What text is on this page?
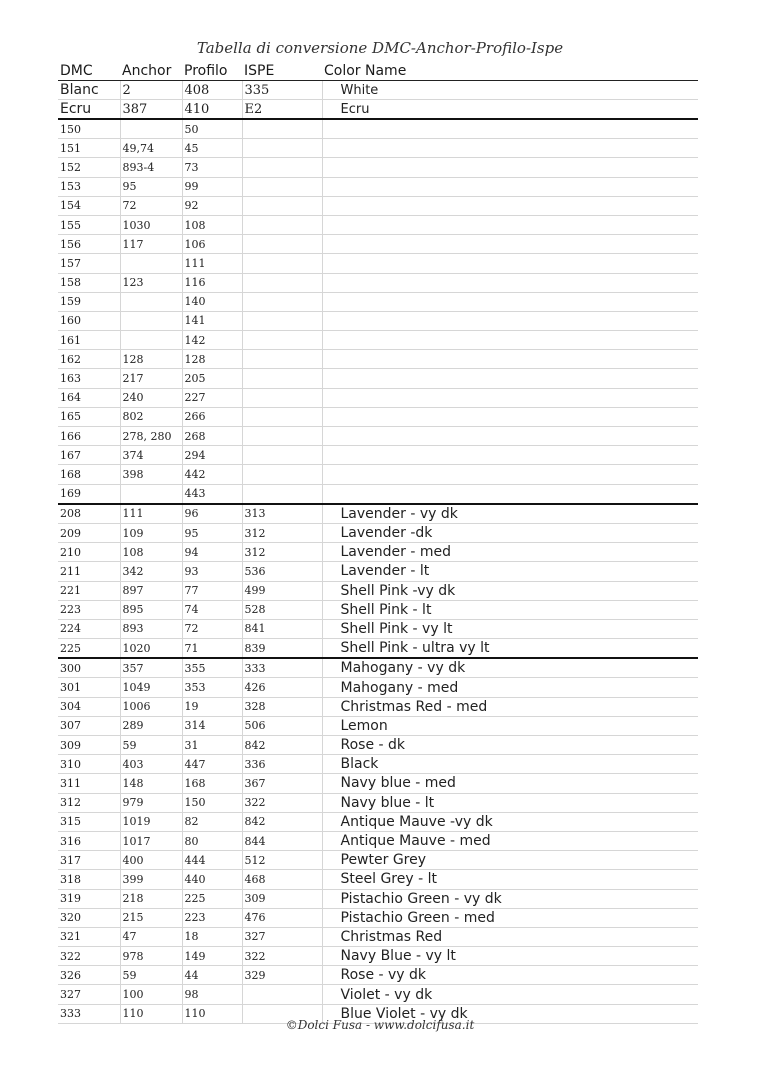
Tabella di conversione DMC-Anchor-Profilo-Ispe
DMC	Anchor	Profilo	ISPE	Color Name
Blanc	2	408	335	White
Ecru	387	410	E2	Ecru
150		50		
151	49,74	45		
152	893-4	73		
153	95	99		
154	72	92		
155	1030	108		
156	117	106		
157		111		
158	123	116		
159		140		
160		141		
161		142		
162	128	128		
163	217	205		
164	240	227		
165	802	266		
166	278, 280	268		
167	374	294		
168	398	442		
169		443		
208	111	96	313	Lavender - vy dk
209	109	95	312	Lavender -dk
210	108	94	312	Lavender - med
211	342	93	536	Lavender - lt
221	897	77	499	Shell Pink -vy dk
223	895	74	528	Shell Pink - lt
224	893	72	841	Shell Pink - vy lt
225	1020	71	839	Shell Pink - ultra vy lt
300	357	355	333	Mahogany - vy dk
301	1049	353	426	Mahogany - med
304	1006	19	328	Christmas Red - med
307	289	314	506	Lemon
309	59	31	842	Rose - dk
310	403	447	336	Black
311	148	168	367	Navy blue - med
312	979	150	322	Navy blue - lt
315	1019	82	842	Antique Mauve -vy dk
316	1017	80	844	Antique Mauve - med
317	400	444	512	Pewter Grey
318	399	440	468	Steel Grey - lt
319	218	225	309	Pistachio Green - vy dk
320	215	223	476	Pistachio Green - med
321	47	18	327	Christmas Red
322	978	149	322	Navy Blue - vy lt
326	59	44	329	Rose - vy dk
327	100	98		Violet - vy dk
333	110	110		Blue Violet - vy dk
©Dolci Fusa - www.dolcifusa.it
